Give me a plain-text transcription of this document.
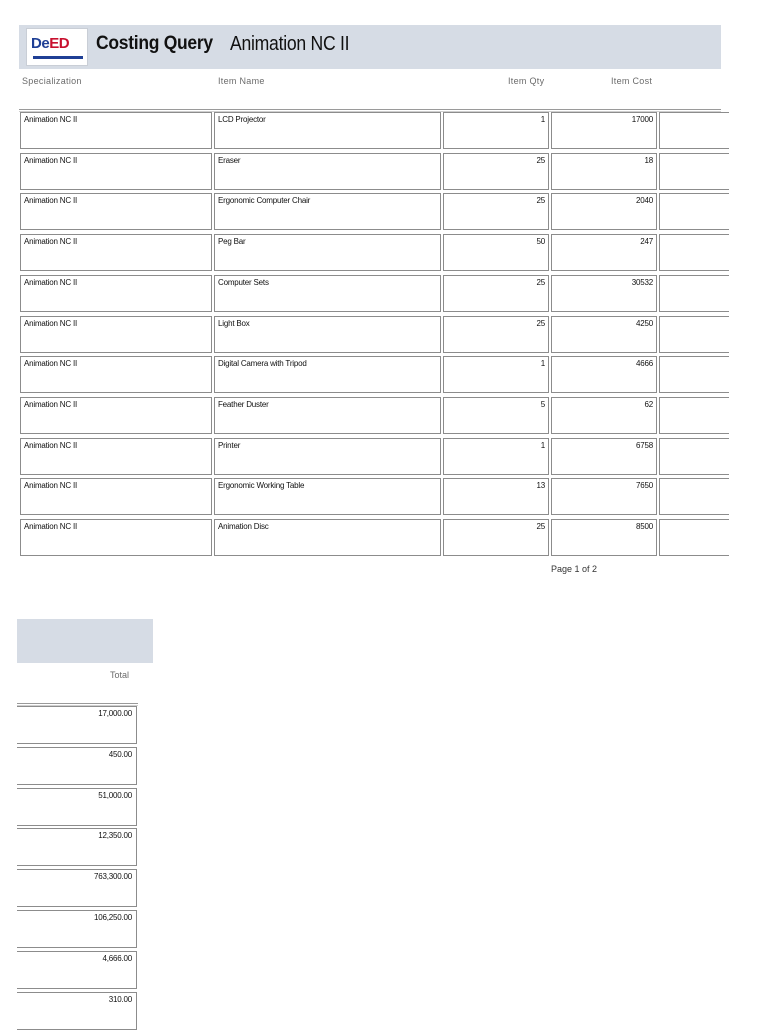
DeED Costing Query Animation NC II
Specialization	Item Name	Item Qty	Item Cost
Animation NC II	LCD Projector	1	17000
Animation NC II	Eraser	25	18
Animation NC II	Ergonomic Computer Chair	25	2040
Animation NC II	Peg Bar	50	247
Animation NC II	Computer Sets	25	30532
Animation NC II	Light Box	25	4250
Animation NC II	Digital Camera with Tripod	1	4666
Animation NC II	Feather Duster	5	62
Animation NC II	Printer	1	6758
Animation NC II	Ergonomic Working Table	13	7650
Animation NC II	Animation Disc	25	8500
Page 1 of 2
Total
17,000.00
450.00
51,000.00
12,350.00
763,300.00
106,250.00
4,666.00
310.00
